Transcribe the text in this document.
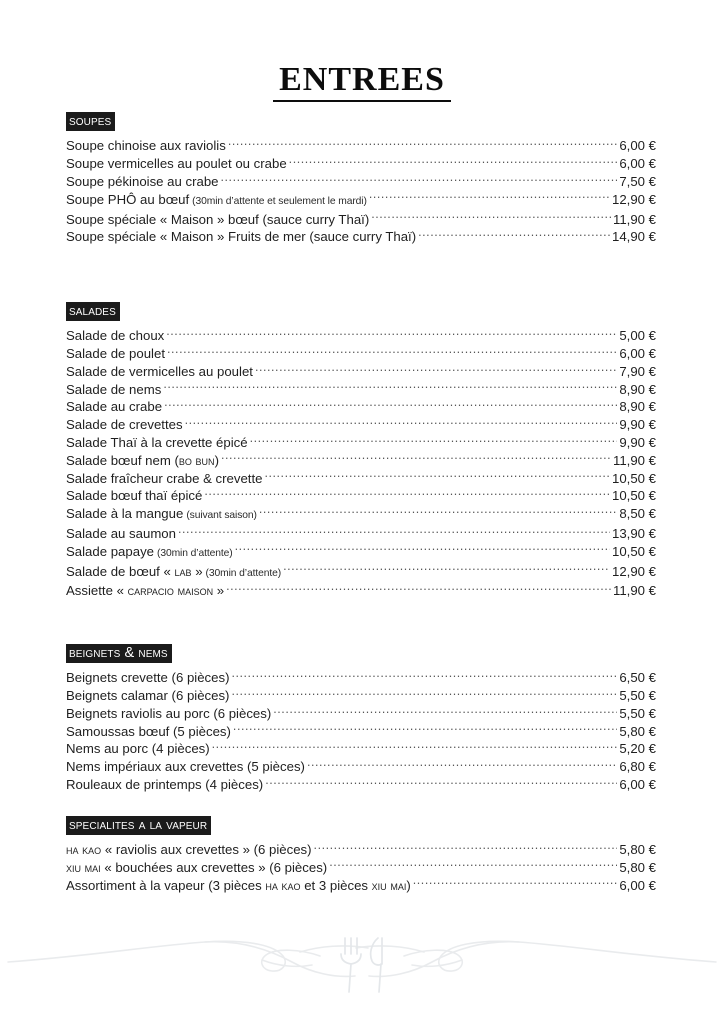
ENTREES
soupes
Soupe chinoise aux raviolis .....	6,00 €
Soupe vermicelles au poulet ou crabe .....	6,00 €
Soupe pékinoise au crabe .....	7,50 €
Soupe PHÔ au bœuf (30min d’attente et seulement le mardi) .....	12,90 €
Soupe spéciale « Maison » bœuf (sauce curry Thaï) .....	11,90 €
Soupe spéciale « Maison » Fruits de mer (sauce curry Thaï) .....	14,90 €
salades
Salade de choux .....	5,00 €
Salade de poulet .....	6,00 €
Salade de vermicelles au poulet .....	7,90 €
Salade de nems .....	8,90 €
Salade au crabe .....	8,90 €
Salade de crevettes .....	9,90 €
Salade Thaï à la crevette épicé .....	9,90 €
Salade bœuf nem (bo bun) .....	11,90 €
Salade fraîcheur crabe & crevette .....	10,50 €
Salade bœuf thaï épicé .....	10,50 €
Salade à la mangue (suivant saison) .....	8,50 €
Salade au saumon .....	13,90 €
Salade papaye (30min d’attente) .....	10,50 €
Salade de bœuf « lab » (30min d’attente) .....	12,90 €
Assiette « carpacio maison » .....	11,90 €
beignets & nems
Beignets crevette (6 pièces) .....	6,50 €
Beignets calamar (6 pièces) .....	5,50 €
Beignets raviolis au porc (6 pièces) .....	5,50 €
Samoussas bœuf (5 pièces) .....	5,80 €
Nems au porc (4 pièces) .....	5,20 €
Nems impériaux aux crevettes (5 pièces) .....	6,80 €
Rouleaux de printemps (4 pièces) .....	6,00 €
specialites a la vapeur
ha kao « raviolis aux crevettes » (6 pièces) .....	5,80 €
xiu mai « bouchées aux crevettes » (6 pièces) .....	5,80 €
Assortiment à la vapeur (3 pièces ha kao et 3 pièces xiu mai) .....	6,00 €
